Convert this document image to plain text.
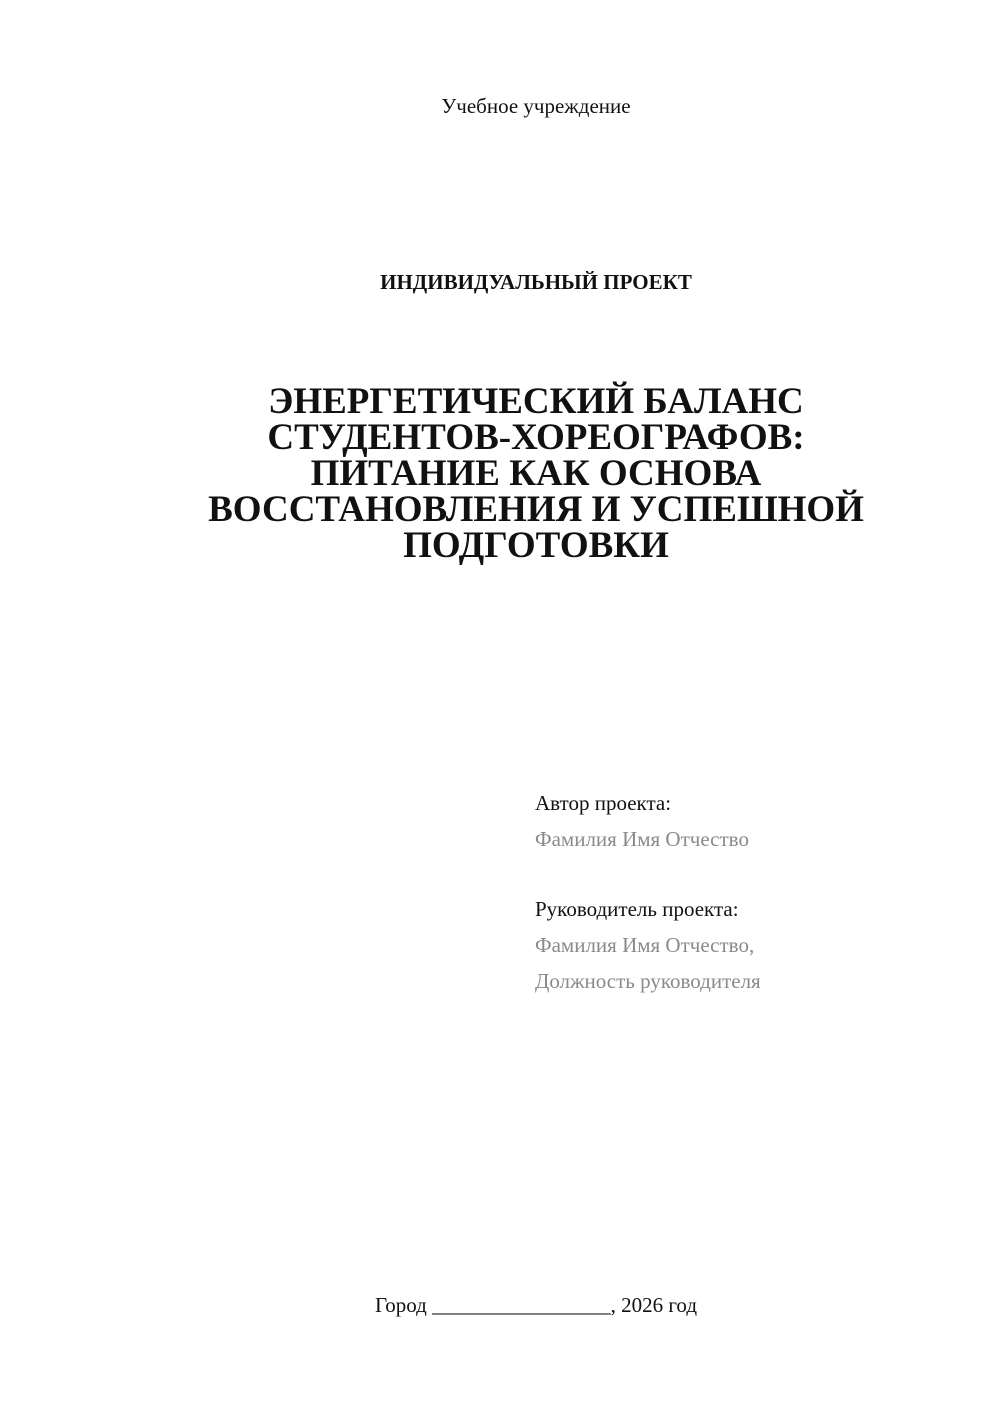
Учебное учреждение
ИНДИВИДУАЛЬНЫЙ ПРОЕКТ
ЭНЕРГЕТИЧЕСКИЙ БАЛАНС
СТУДЕНТОВ-ХОРЕОГРАФОВ:
ПИТАНИЕ КАК ОСНОВА
ВОССТАНОВЛЕНИЯ И УСПЕШНОЙ
ПОДГОТОВКИ
Автор проекта:
Фамилия Имя Отчество
Руководитель проекта:
Фамилия Имя Отчество,
Должность руководителя
Город _________________, 2026 год
